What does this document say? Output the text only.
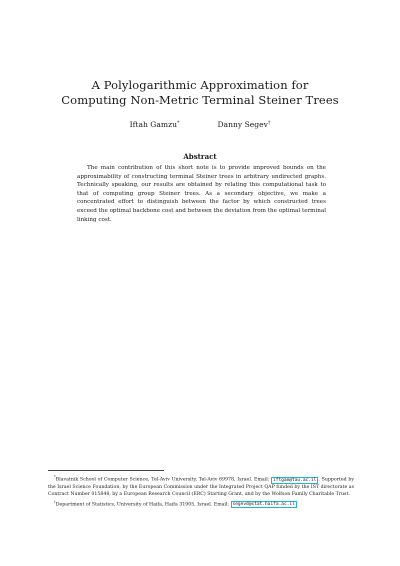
A Polylogarithmic Approximation for
Computing Non-Metric Terminal Steiner Trees
Iftah Gamzu*	Danny Segev†
Abstract
The main contribution of this short note is to provide improved bounds on the approximability of constructing terminal Steiner trees in arbitrary undirected graphs. Technically speaking, our results are obtained by relating this computational task to that of computing group Steiner trees. As a secondary objective, we make a concentrated effort to distinguish between the factor by which constructed trees exceed the optimal backbone cost and between the deviation from the optimal terminal linking cost.
*Blavatnik School of Computer Science, Tel-Aviv University, Tel-Aviv 69978, Israel. Email: iftgam@tau.ac.il . Supported by the Israel Science Foundation, by the European Commission under the Integrated Project QAP funded by the IST directorate as Contract Number 015848, by a European Research Council (ERC) Starting Grant, and by the Wolfson Family Charitable Trust.
†Department of Statistics, University of Haifa, Haifa 31905, Israel. Email: segevd@stat.haifa.ac.il
